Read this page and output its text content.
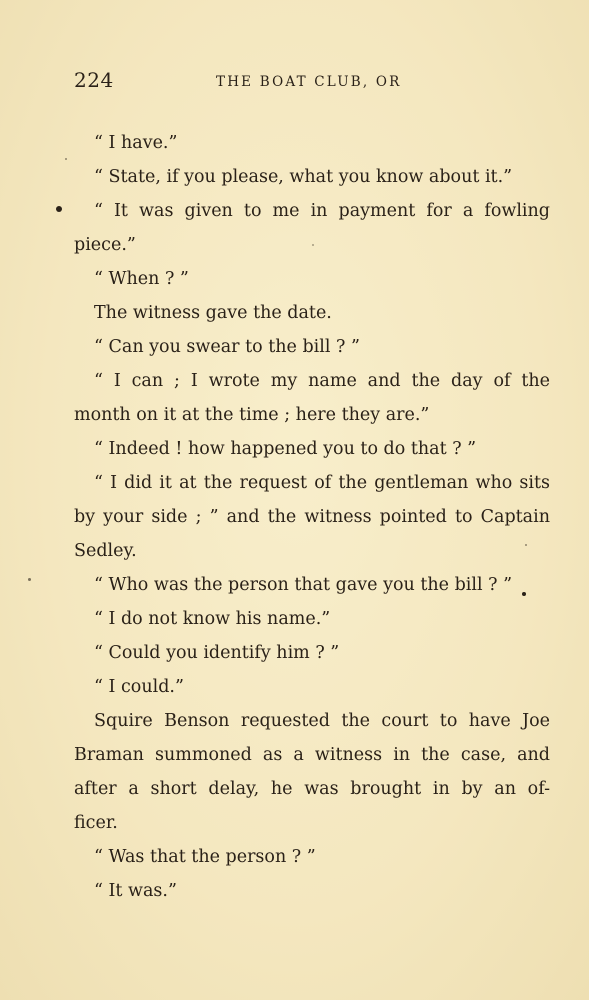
224	THE BOAT CLUB, OR
“ I have.”
“ State, if you please, what you know about it.”
“ It was given to me in payment for a fowling
piece.”
“ When ? ”
The witness gave the date.
“ Can you swear to the bill ? ”
“ I can ; I wrote my name and the day of the
month on it at the time ; here they are.”
“ Indeed ! how happened you to do that ? ”
“ I did it at the request of the gentleman who sits
by your side ; ” and the witness pointed to Captain
Sedley.
“ Who was the person that gave you the bill ? ”
“ I do not know his name.”
“ Could you identify him ? ”
“ I could.”
Squire Benson requested the court to have Joe
Braman summoned as a witness in the case, and
after a short delay, he was brought in by an of-
ficer.
“ Was that the person ? ”
“ It was.”
